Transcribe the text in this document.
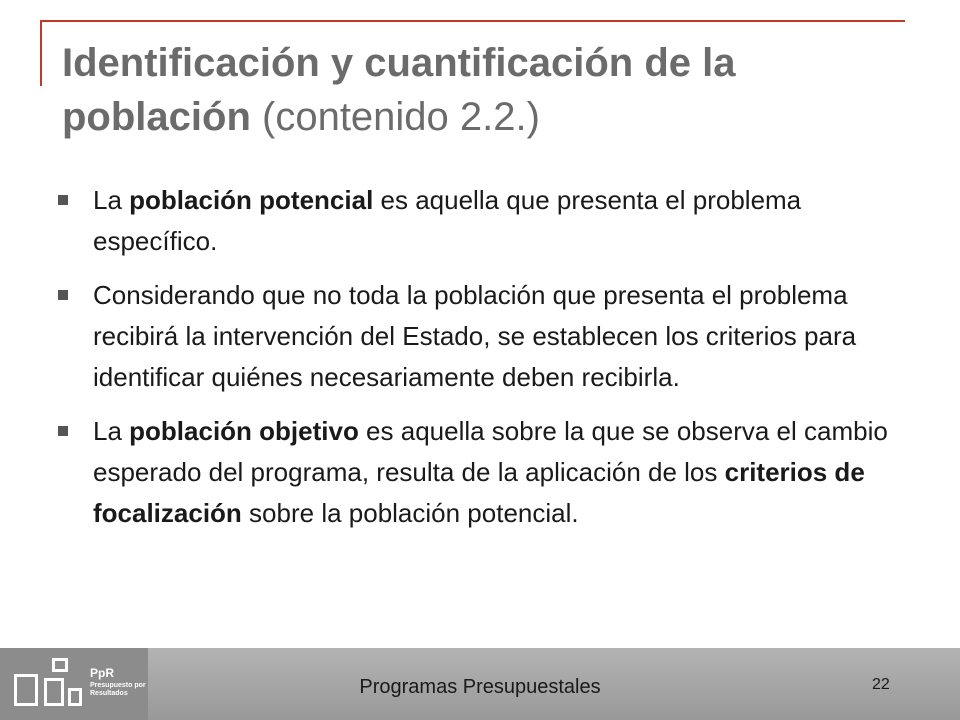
Identificación y cuantificación de la población (contenido 2.2.)
La población potencial es aquella que presenta el problema específico.
Considerando que no toda la población que presenta el problema recibirá la intervención del Estado, se establecen los criterios para identificar quiénes necesariamente deben recibirla.
La población objetivo es aquella sobre la que se observa el cambio esperado del programa, resulta de la aplicación de los criterios de focalización sobre la población potencial.
PpR
Presupuesto por Resultados	Programas Presupuestales	22
